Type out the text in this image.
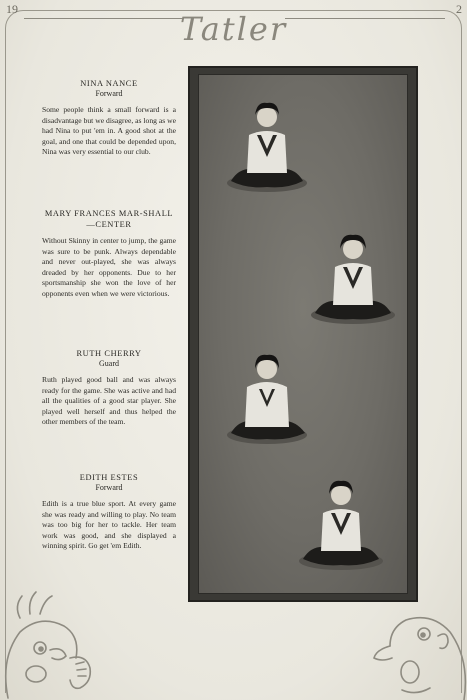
19	2
Tatler
NINA NANCE
Forward
Some people think a small forward is a disadvantage but we disagree, as long as we had Nina to put 'em in. A good shot at the goal, and one that could be depended upon, Nina was very essential to our club.
MARY FRANCES MAR-SHALL—CENTER
Without Skinny in center to jump, the game was sure to be punk. Always dependable and never out-played, she was always dreaded by her opponents. Due to her sportsmanship she won the love of her opponents even when we were victorious.
RUTH CHERRY
Guard
Ruth played good ball and was always ready for the game. She was active and had all the qualities of a good star player. She played well herself and thus helped the other members of the team.
EDITH ESTES
Forward
Edith is a true blue sport. At every game she was ready and willing to play. No team was too big for her to tackle. Her team work was good, and she displayed a winning spirit. Go get 'em Edith.
